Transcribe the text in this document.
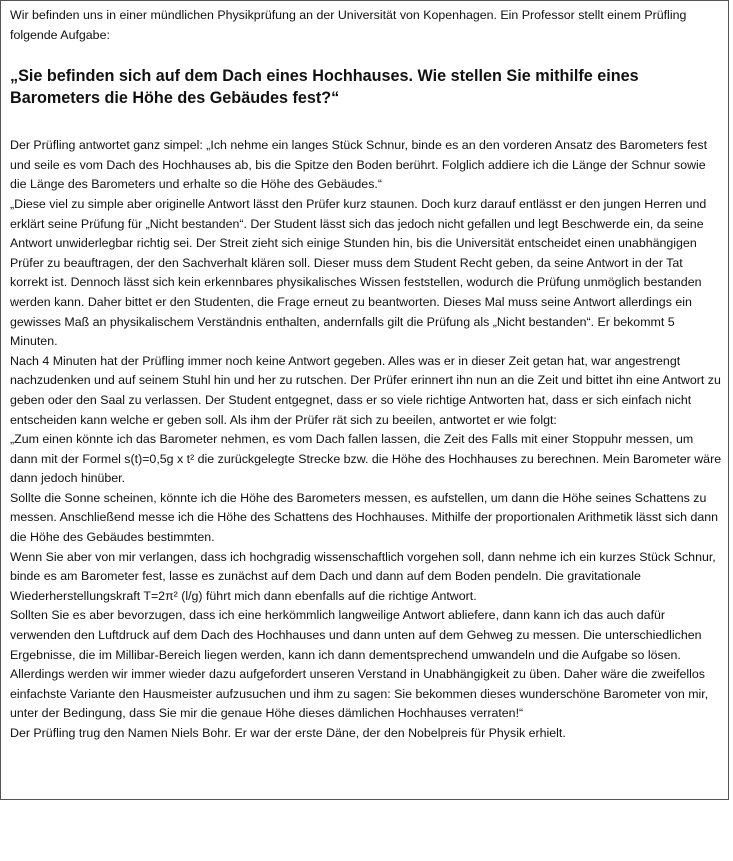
Wir befinden uns in einer mündlichen Physikprüfung an der Universität von Kopenhagen. Ein Professor stellt einem Prüfling folgende Aufgabe:

„Sie befinden sich auf dem Dach eines Hochhauses. Wie stellen Sie mithilfe eines Barometers die Höhe des Gebäudes fest?“

Der Prüfling antwortet ganz simpel: „Ich nehme ein langes Stück Schnur, binde es an den vorderen Ansatz des Barometers fest und seile es vom Dach des Hochhauses ab, bis die Spitze den Boden berührt. Folglich addiere ich die Länge der Schnur sowie die Länge des Barometers und erhalte so die Höhe des Gebäudes.“

„Diese viel zu simple aber originelle Antwort lässt den Prüfer kurz staunen. Doch kurz darauf entlässt er den jungen Herren und erklärt seine Prüfung für „Nicht bestanden“. Der Student lässt sich das jedoch nicht gefallen und legt Beschwerde ein, da seine Antwort unwiderlegbar richtig sei. Der Streit zieht sich einige Stunden hin, bis die Universität entscheidet einen unabhängigen Prüfer zu beauftragen, der den Sachverhalt klären soll. Dieser muss dem Student Recht geben, da seine Antwort in der Tat korrekt ist. Dennoch lässt sich kein erkennbares physikalisches Wissen feststellen, wodurch die Prüfung unmöglich bestanden werden kann. Daher bittet er den Studenten, die Frage erneut zu beantworten. Dieses Mal muss seine Antwort allerdings ein gewisses Maß an physikalischem Verständnis enthalten, andernfalls gilt die Prüfung als „Nicht bestanden“. Er bekommt 5 Minuten.

Nach 4 Minuten hat der Prüfling immer noch keine Antwort gegeben. Alles was er in dieser Zeit getan hat, war angestrengt nachzudenken und auf seinem Stuhl hin und her zu rutschen. Der Prüfer erinnert ihn nun an die Zeit und bittet ihn eine Antwort zu geben oder den Saal zu verlassen. Der Student entgegnet, dass er so viele richtige Antworten hat, dass er sich einfach nicht entscheiden kann welche er geben soll. Als ihm der Prüfer rät sich zu beeilen, antwortet er wie folgt:

„Zum einen könnte ich das Barometer nehmen, es vom Dach fallen lassen, die Zeit des Falls mit einer Stoppuhr messen, um dann mit der Formel s(t)=0,5g x t² die zurückgelegte Strecke bzw. die Höhe des Hochhauses zu berechnen. Mein Barometer wäre dann jedoch hinüber.

Sollte die Sonne scheinen, könnte ich die Höhe des Barometers messen, es aufstellen, um dann die Höhe seines Schattens zu messen. Anschließend messe ich die Höhe des Schattens des Hochhauses. Mithilfe der proportionalen Arithmetik lässt sich dann die Höhe des Gebäudes bestimmten.

Wenn Sie aber von mir verlangen, dass ich hochgradig wissenschaftlich vorgehen soll, dann nehme ich ein kurzes Stück Schnur, binde es am Barometer fest, lasse es zunächst auf dem Dach und dann auf dem Boden pendeln. Die gravitationale Wiederherstellungskraft T=2π² (l/g) führt mich dann ebenfalls auf die richtige Antwort.

Sollten Sie es aber bevorzugen, dass ich eine herkömmlich langweilige Antwort abliefere, dann kann ich das auch dafür verwenden den Luftdruck auf dem Dach des Hochhauses und dann unten auf dem Gehweg zu messen. Die unterschiedlichen Ergebnisse, die im Millibar-Bereich liegen werden, kann ich dann dementsprechend umwandeln und die Aufgabe so lösen.

Allerdings werden wir immer wieder dazu aufgefordert unseren Verstand in Unabhängigkeit zu üben. Daher wäre die zweifellos einfachste Variante den Hausmeister aufzusuchen und ihm zu sagen: Sie bekommen dieses wunderschöne Barometer von mir, unter der Bedingung, dass Sie mir die genaue Höhe dieses dämlichen Hochhauses verraten!“

Der Prüfling trug den Namen Niels Bohr. Er war der erste Däne, der den Nobelpreis für Physik erhielt.
